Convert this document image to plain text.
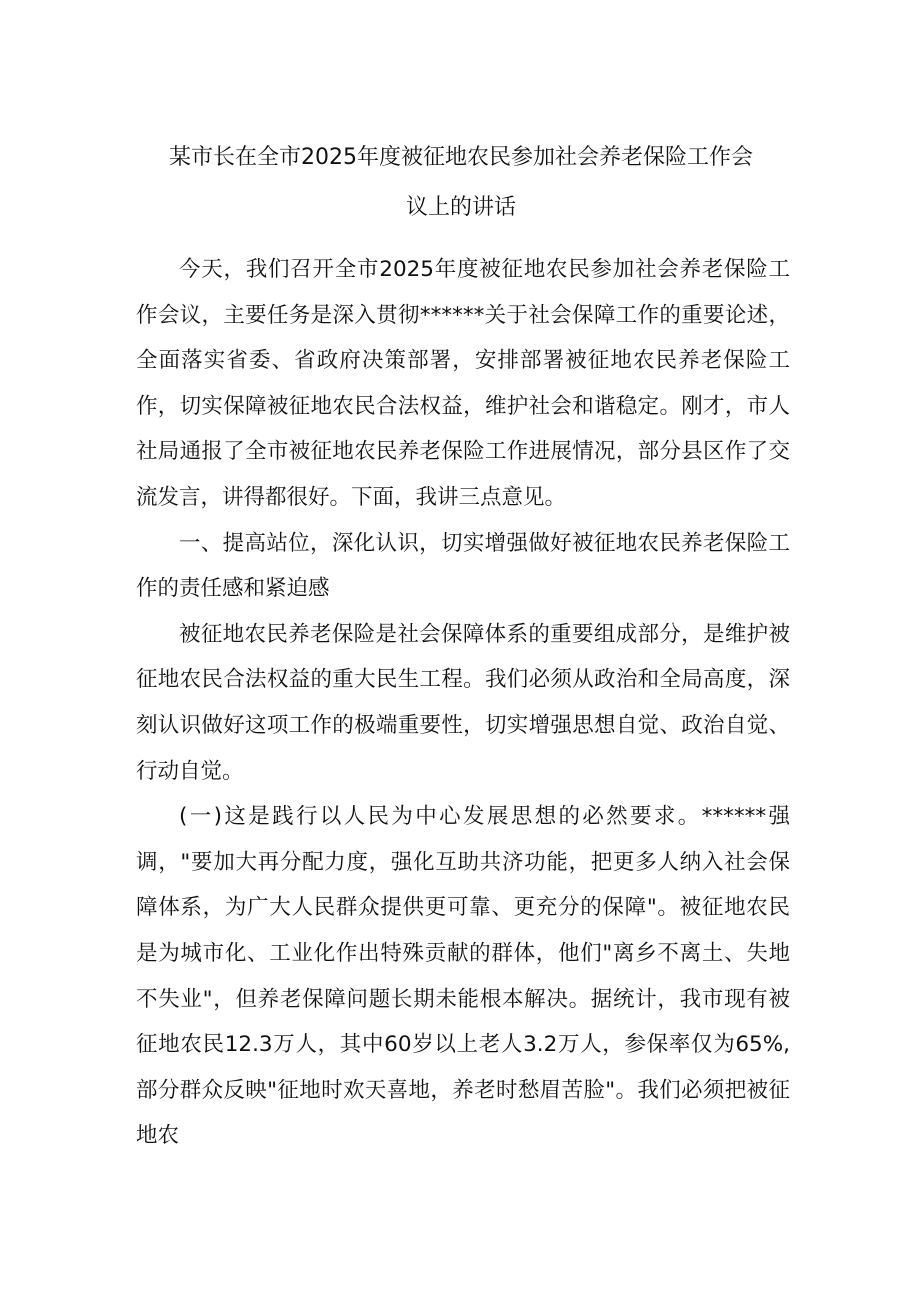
某市长在全市2025年度被征地农民参加社会养老保险工作会
议上的讲话

今天，我们召开全市2025年度被征地农民参加社会养老保险工作会议，主要任务是深入贯彻******关于社会保障工作的重要论述，全面落实省委、省政府决策部署，安排部署被征地农民养老保险工作，切实保障被征地农民合法权益，维护社会和谐稳定。刚才，市人社局通报了全市被征地农民养老保险工作进展情况，部分县区作了交流发言，讲得都很好。下面，我讲三点意见。

一、提高站位，深化认识，切实增强做好被征地农民养老保险工作的责任感和紧迫感

被征地农民养老保险是社会保障体系的重要组成部分，是维护被征地农民合法权益的重大民生工程。我们必须从政治和全局高度，深刻认识做好这项工作的极端重要性，切实增强思想自觉、政治自觉、行动自觉。

(一)这是践行以人民为中心发展思想的必然要求。******强调，"要加大再分配力度，强化互助共济功能，把更多人纳入社会保障体系，为广大人民群众提供更可靠、更充分的保障"。被征地农民是为城市化、工业化作出特殊贡献的群体，他们"离乡不离土、失地不失业"，但养老保障问题长期未能根本解决。据统计，我市现有被征地农民12.3万人，其中60岁以上老人3.2万人，参保率仅为65%,部分群众反映"征地时欢天喜地，养老时愁眉苦脸"。我们必须把被征地农
